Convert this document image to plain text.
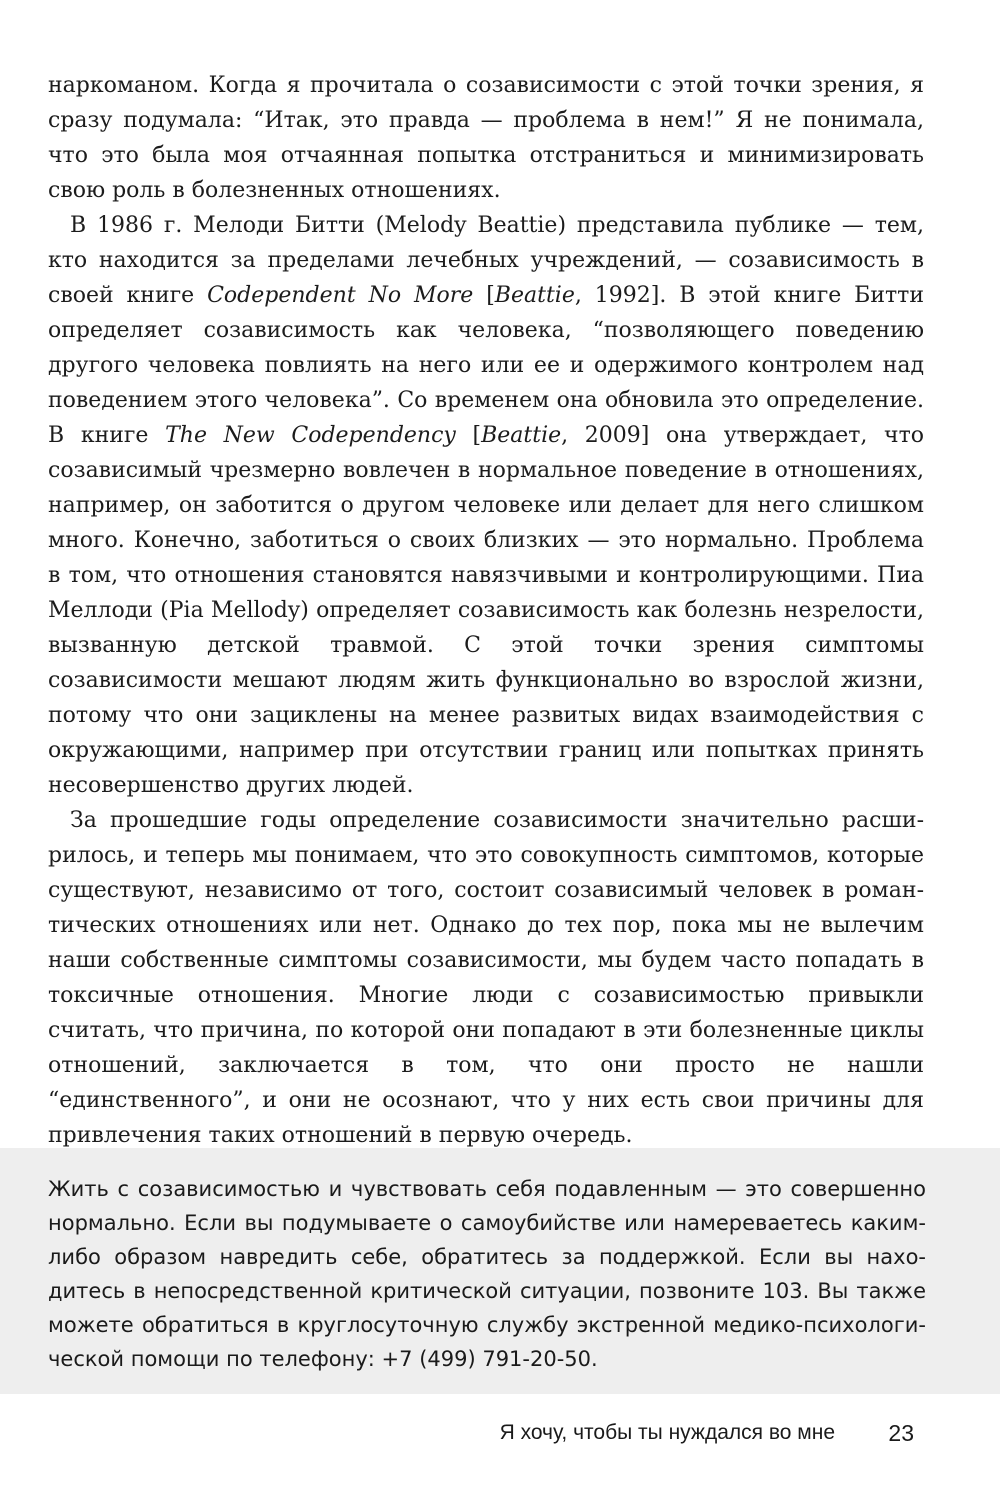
наркоманом. Когда я прочитала о созависимости с этой точки зрения, я сразу подумала: “Итак, это правда — проблема в нем!” Я не понимала, что это была моя отчаянная попытка отстраниться и минимизировать свою роль в болезненных отношениях.

В 1986 г. Мелоди Битти (Melody Beattie) представила публике — тем, кто находится за пределами лечебных учреждений, — созависимость в своей книге Codependent No More [Beattie, 1992]. В этой книге Битти определяет созависимость как человека, “позволяющего поведению другого человека повлиять на него или ее и одержимого контролем над поведением этого человека”. Со временем она обновила это определение. В книге The New Codependency [Beattie, 2009] она утверждает, что созависимый чрезмерно вовлечен в нормальное поведение в отношениях, например, он заботится о другом человеке или делает для него слишком много. Конечно, заботиться о своих близких — это нормально. Проблема в том, что отношения становятся навязчивыми и контролирующими. Пиа Меллоди (Pia Mellody) определяет созависимость как болезнь незрелости, вызванную детской травмой. С этой точки зрения симптомы созависимости мешают людям жить функционально во взрослой жизни, потому что они зациклены на менее развитых видах взаимодействия с окружающими, например при отсутствии границ или попытках принять несовершенство других людей.

За прошедшие годы определение созависимости значительно расширилось, и теперь мы понимаем, что это совокупность симптомов, которые существуют, независимо от того, состоит созависимый человек в романтических отношениях или нет. Однако до тех пор, пока мы не вылечим наши собственные симптомы созависимости, мы будем часто попадать в токсичные отношения. Многие люди с созависимостью привыкли считать, что причина, по которой они попадают в эти болезненные циклы отношений, заключается в том, что они просто не нашли “единственного”, и они не осознают, что у них есть свои причины для привлечения таких отношений в первую очередь.

Жить с созависимостью и чувствовать себя подавленным — это совершенно нормально. Если вы подумываете о самоубийстве или намереваетесь каким-либо образом навредить себе, обратитесь за поддержкой. Если вы находитесь в непосредственной критической ситуации, позвоните 103. Вы также можете обратиться в круглосуточную службу экстренной медико-психологической помощи по телефону: +7 (499) 791-20-50.

Я хочу, чтобы ты нуждался во мне 23
